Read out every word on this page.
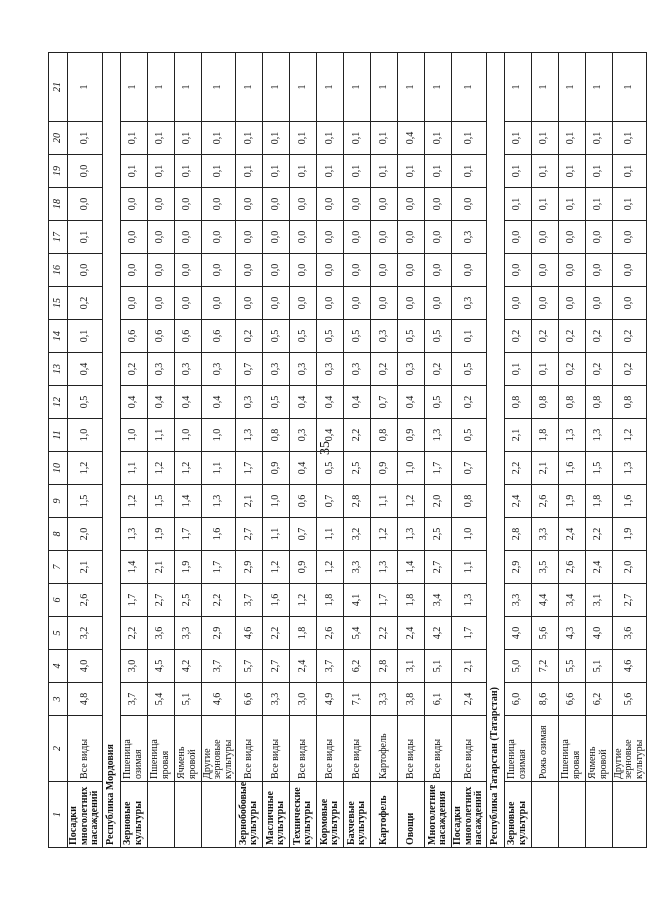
35
1	2	3	4	5	6	7	8	9	10	11	12	13	14	15	16	17	18	19	20	21
Посадки многолетних насаждений	Все виды	4,8	4,0	3,2	2,6	2,1	2,0	1,5	1,2	1,0	0,5	0,4	0,1	0,2	0,0	0,1	0,0	0,0	0,1	1
Республика Мордовия																				
Зерновые культуры	Пшеница озимая	3,7	3,0	2,2	1,7	1,4	1,3	1,2	1,1	1,0	0,4	0,2	0,6	0,0	0,0	0,0	0,0	0,1	0,1	1
	Пшеница яровая	5,4	4,5	3,6	2,7	2,1	1,9	1,5	1,2	1,1	0,4	0,3	0,6	0,0	0,0	0,0	0,0	0,1	0,1	1
	Ячмень яровой	5,1	4,2	3,3	2,5	1,9	1,7	1,4	1,2	1,0	0,4	0,3	0,6	0,0	0,0	0,0	0,0	0,1	0,1	1
	Другие зерновые культуры	4,6	3,7	2,9	2,2	1,7	1,6	1,3	1,1	1,0	0,4	0,3	0,6	0,0	0,0	0,0	0,0	0,1	0,1	1
Зернобобовые культуры	Все виды	6,6	5,7	4,6	3,7	2,9	2,7	2,1	1,7	1,3	0,3	0,7	0,2	0,0	0,0	0,0	0,0	0,1	0,1	1
Масличные культуры	Все виды	3,3	2,7	2,2	1,6	1,2	1,1	1,0	0,9	0,8	0,5	0,3	0,5	0,0	0,0	0,0	0,0	0,1	0,1	1
Технические культуры	Все виды	3,0	2,4	1,8	1,2	0,9	0,7	0,6	0,4	0,3	0,4	0,3	0,5	0,0	0,0	0,0	0,0	0,1	0,1	1
Кормовые культуры	Все виды	4,9	3,7	2,6	1,8	1,2	1,1	0,7	0,5	0,4	0,4	0,3	0,5	0,0	0,0	0,0	0,0	0,1	0,1	1
Бахчевые культуры	Все виды	7,1	6,2	5,4	4,1	3,3	3,2	2,8	2,5	2,2	0,4	0,3	0,5	0,0	0,0	0,0	0,0	0,1	0,1	1
Картофель	Картофель	3,3	2,8	2,2	1,7	1,3	1,2	1,1	0,9	0,8	0,7	0,2	0,3	0,0	0,0	0,0	0,0	0,1	0,1	1
Овощи	Все виды	3,8	3,1	2,4	1,8	1,4	1,3	1,2	1,0	0,9	0,4	0,3	0,5	0,0	0,0	0,0	0,0	0,1	0,4	1
Многолетние насаждения	Все виды	6,1	5,1	4,2	3,4	2,7	2,5	2,0	1,7	1,3	0,5	0,2	0,5	0,0	0,0	0,0	0,0	0,1	0,1	1
Посадки многолетних насаждений	Все виды	2,4	2,1	1,7	1,3	1,1	1,0	0,8	0,7	0,5	0,2	0,5	0,1	0,3	0,0	0,3	0,0	0,1	0,1	1
Республика Татарстан (Татарстан)																				
Зерновые культуры	Пшеница озимая	6,0	5,0	4,0	3,3	2,9	2,8	2,4	2,2	2,1	0,8	0,1	0,2	0,0	0,0	0,0	0,1	0,1	0,1	1
	Рожь озимая	8,6	7,2	5,6	4,4	3,5	3,3	2,6	2,1	1,8	0,8	0,1	0,2	0,0	0,0	0,0	0,1	0,1	0,1	1
	Пшеница яровая	6,6	5,5	4,3	3,4	2,6	2,4	1,9	1,6	1,3	0,8	0,2	0,2	0,0	0,0	0,0	0,1	0,1	0,1	1
	Ячмень яровой	6,2	5,1	4,0	3,1	2,4	2,2	1,8	1,5	1,3	0,8	0,2	0,2	0,0	0,0	0,0	0,1	0,1	0,1	1
	Другие зерновые культуры	5,6	4,6	3,6	2,7	2,0	1,9	1,6	1,3	1,2	0,8	0,2	0,2	0,0	0,0	0,0	0,1	0,1	0,1	1
